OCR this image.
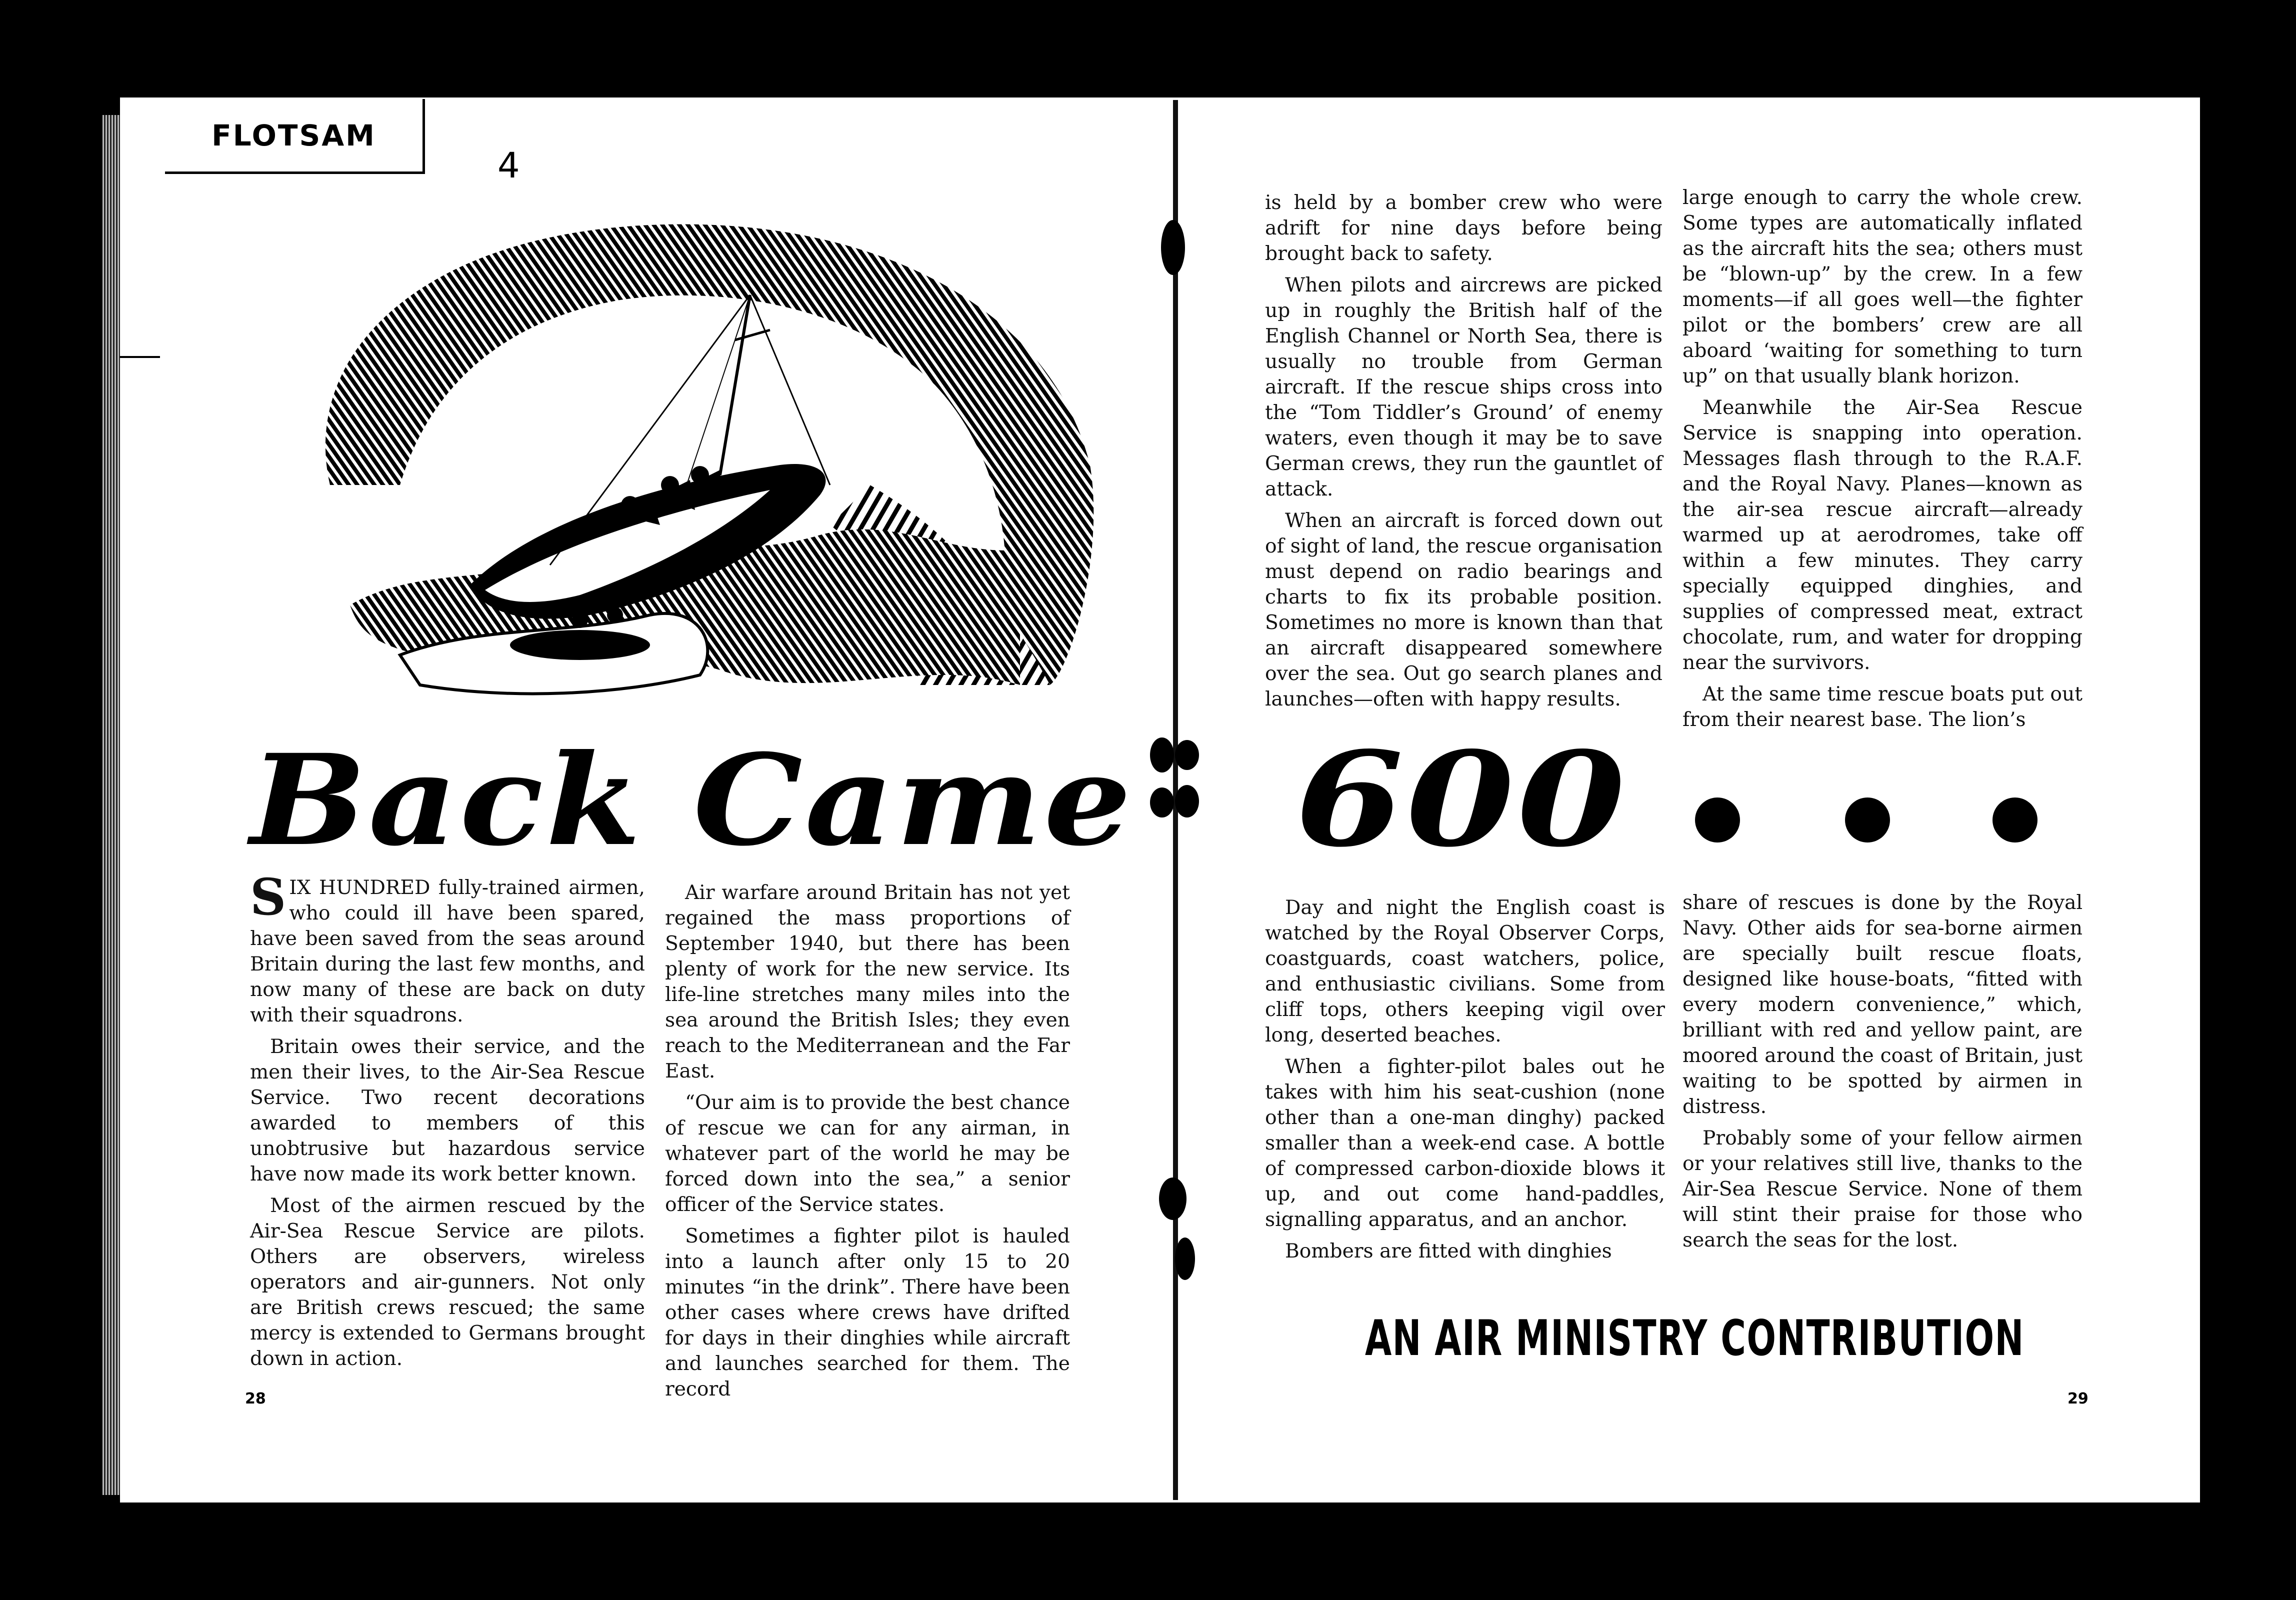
FLOTSAM
4
Back Came 600

SIX HUNDRED fully-trained airmen, who could ill have been spared, have been saved from the seas around Britain during the last few months, and now many of these are back on duty with their squadrons.

Britain owes their service, and the men their lives, to the Air-Sea Rescue Service. Two recent decorations awarded to members of this unobtrusive but hazardous service have now made its work better known.

Most of the airmen rescued by the Air-Sea Rescue Service are pilots. Others are observers, wireless operators and air-gunners. Not only are British crews rescued; the same mercy is extended to Germans brought down in action.

Air warfare around Britain has not yet regained the mass proportions of September 1940, but there has been plenty of work for the new service. Its life-line stretches many miles into the sea around the British Isles; they even reach to the Mediterranean and the Far East.

“Our aim is to provide the best chance of rescue we can for any airman, in whatever part of the world he may be forced down into the sea,” a senior officer of the Service states.

Sometimes a fighter pilot is hauled into a launch after only 15 to 20 minutes “in the drink”. There have been other cases where crews have drifted for days in their dinghies while aircraft and launches searched for them. The record

is held by a bomber crew who were adrift for nine days before being brought back to safety.

When pilots and aircrews are picked up in roughly the British half of the English Channel or North Sea, there is usually no trouble from German aircraft. If the rescue ships cross into the “Tom Tiddler’s Ground’ of enemy waters, even though it may be to save German crews, they run the gauntlet of attack.

When an aircraft is forced down out of sight of land, the rescue organisation must depend on radio bearings and charts to fix its probable position. Sometimes no more is known than that an aircraft disappeared somewhere over the sea. Out go search planes and launches—often with happy results.

large enough to carry the whole crew. Some types are automatically inflated as the aircraft hits the sea; others must be “blown-up” by the crew. In a few moments—if all goes well—the fighter pilot or the bombers’ crew are all aboard ‘waiting for something to turn up” on that usually blank horizon.

Meanwhile the Air-Sea Rescue Service is snapping into operation. Messages flash through to the R.A.F. and the Royal Navy. Planes—known as the air-sea rescue aircraft—already warmed up at aerodromes, take off within a few minutes. They carry specially equipped dinghies, and supplies of compressed meat, extract chocolate, rum, and water for dropping near the survivors.

At the same time rescue boats put out from their nearest base. The lion’s

Day and night the English coast is watched by the Royal Observer Corps, coastguards, coast watchers, police, and enthusiastic civilians. Some from cliff tops, others keeping vigil over long, deserted beaches.

When a fighter-pilot bales out he takes with him his seat-cushion (none other than a one-man dinghy) packed smaller than a week-end case. A bottle of compressed carbon-dioxide blows it up, and out come hand-paddles, signalling apparatus, and an anchor.

Bombers are fitted with dinghies

share of rescues is done by the Royal Navy. Other aids for sea-borne airmen are specially built rescue floats, designed like house-boats, “fitted with every modern convenience,” which, brilliant with red and yellow paint, are moored around the coast of Britain, just waiting to be spotted by airmen in distress.

Probably some of your fellow airmen or your relatives still live, thanks to the Air-Sea Rescue Service. None of them will stint their praise for those who search the seas for the lost.

AN AIR MINISTRY CONTRIBUTION
28	29
